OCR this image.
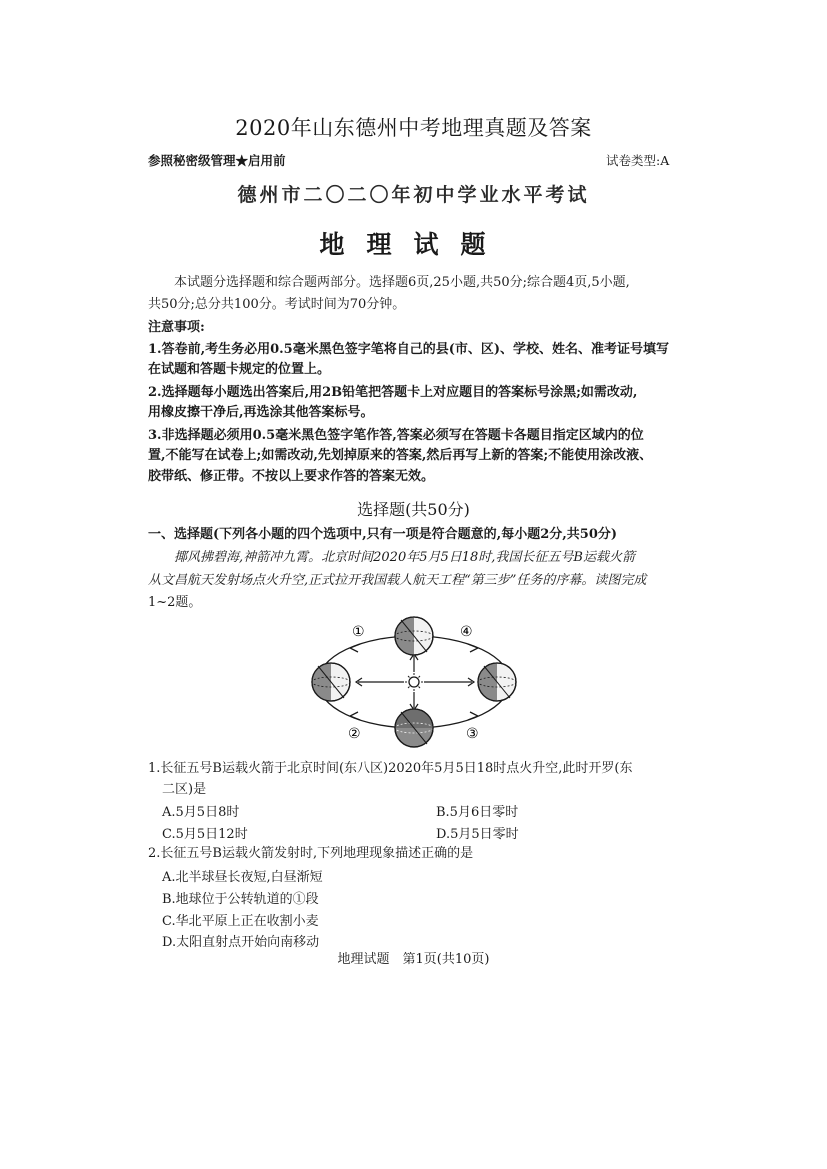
2020年山东德州中考地理真题及答案
参照秘密级管理★启用前	试卷类型:A
德州市二〇二〇年初中学业水平考试
地理试题
本试题分选择题和综合题两部分。选择题6页,25小题,共50分;综合题4页,5小题,
共50分;总分共100分。考试时间为70分钟。
注意事项:
1.答卷前,考生务必用0.5毫米黑色签字笔将自己的县(市、区)、学校、姓名、准考证号填写
在试题和答题卡规定的位置上。
2.选择题每小题选出答案后,用2B铅笔把答题卡上对应题目的答案标号涂黑;如需改动,
用橡皮擦干净后,再选涂其他答案标号。
3.非选择题必须用0.5毫米黑色签字笔作答,答案必须写在答题卡各题目指定区域内的位
置,不能写在试卷上;如需改动,先划掉原来的答案,然后再写上新的答案;不能使用涂改液、
胶带纸、修正带。不按以上要求作答的答案无效。
选择题(共50分)
一、选择题(下列各小题的四个选项中,只有一项是符合题意的,每小题2分,共50分)
揶风拂碧海,神箭冲九霄。北京时间2020年5月5日18时,我国长征五号B运载火箭
从文昌航天发射场点火升空,正式拉开我国载人航天工程“第三步”任务的序幕。读图完成
1~2题。
①	④
②	③
1.长征五号B运载火箭于北京时间(东八区)2020年5月5日18时点火升空,此时开罗(东
二区)是
A.5月5日8时	B.5月6日零时
C.5月5日12时	D.5月5日零时
2.长征五号B运载火箭发射时,下列地理现象描述正确的是
A.北半球昼长夜短,白昼渐短
B.地球位于公转轨道的①段
C.华北平原上正在收割小麦
D.太阳直射点开始向南移动
地理试题　第1页(共10页)
